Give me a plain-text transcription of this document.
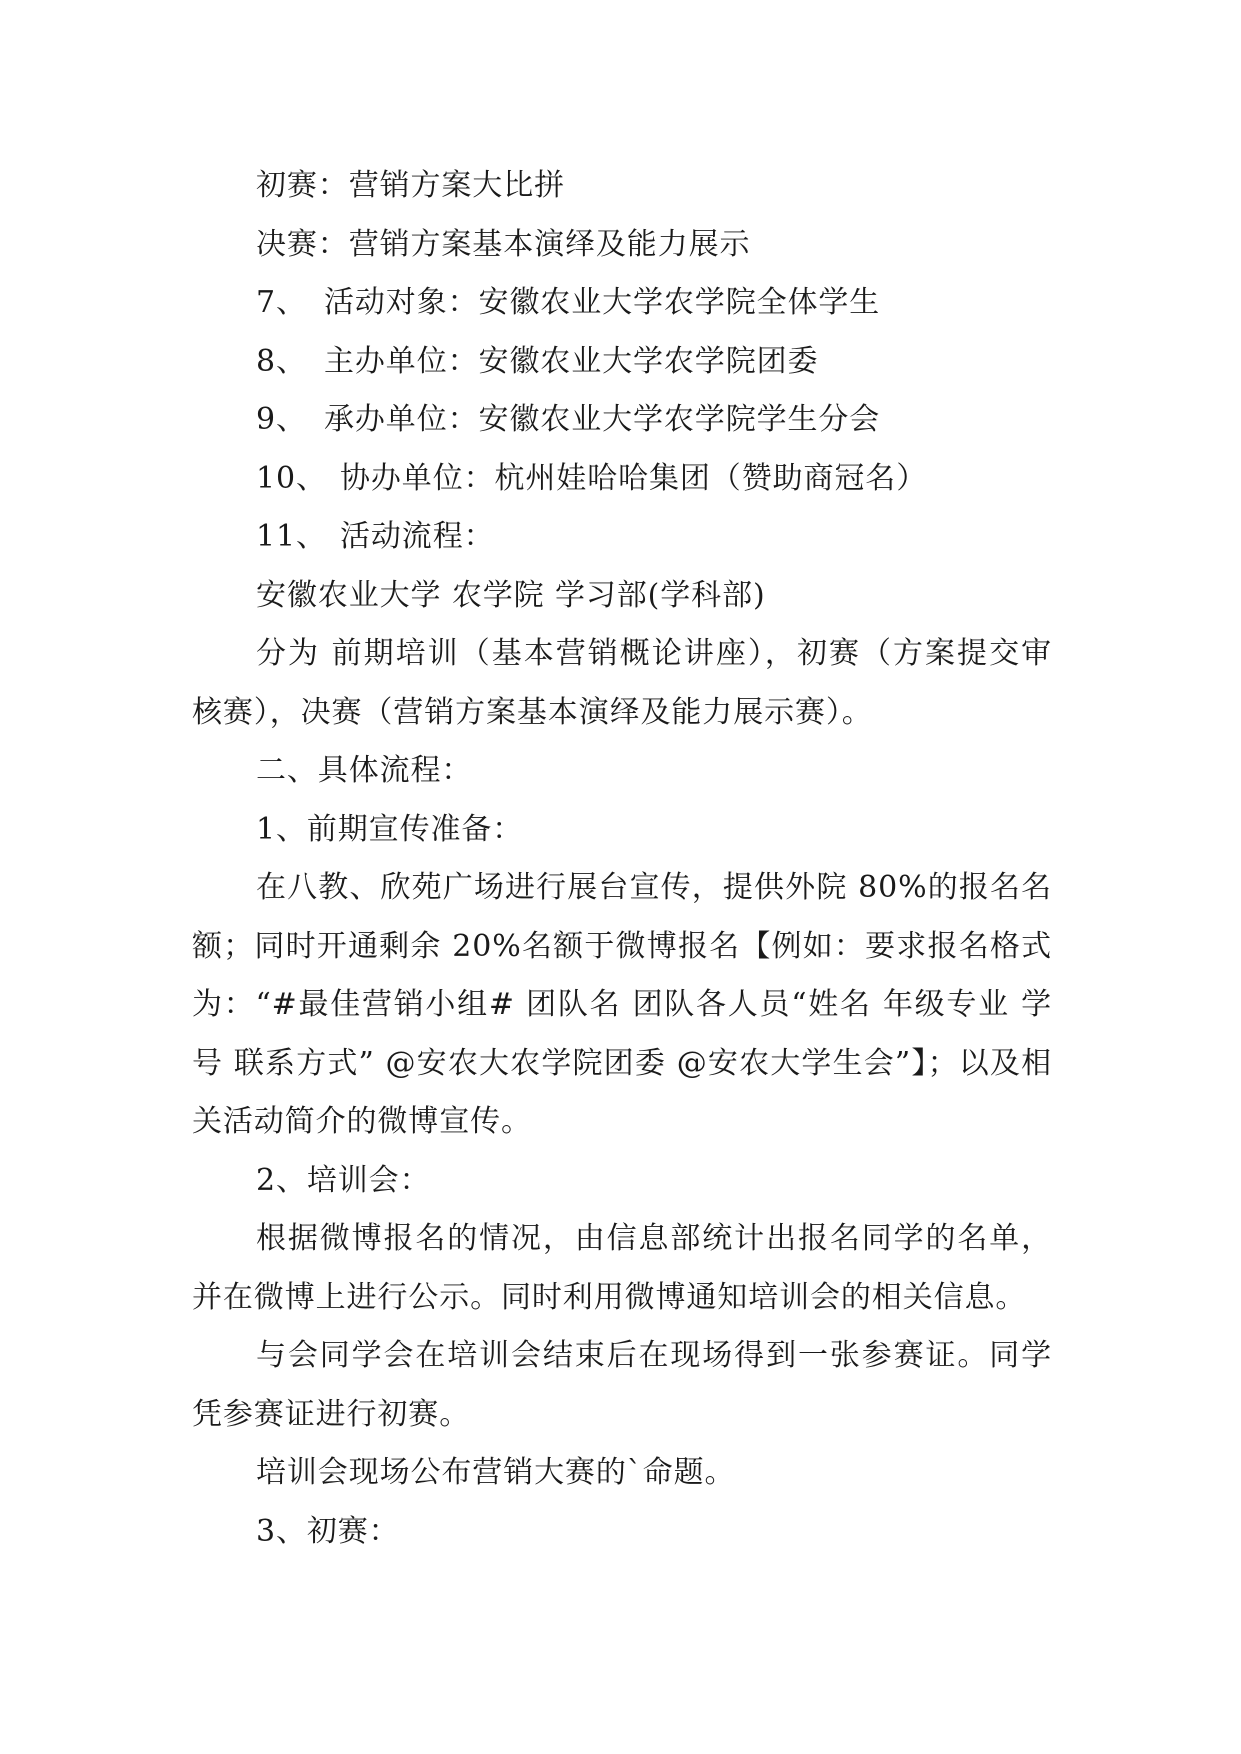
初赛：营销方案大比拼

决赛：营销方案基本演绎及能力展示

7、 活动对象：安徽农业大学农学院全体学生

8、 主办单位：安徽农业大学农学院团委

9、 承办单位：安徽农业大学农学院学生分会

10、 协办单位：杭州娃哈哈集团（赞助商冠名）

11、 活动流程：

安徽农业大学 农学院 学习部(学科部)

分为 前期培训（基本营销概论讲座），初赛（方案提交审核赛），决赛（营销方案基本演绎及能力展示赛）。

二、具体流程：

1、前期宣传准备：

在八教、欣苑广场进行展台宣传，提供外院 80%的报名名额；同时开通剩余 20%名额于微博报名【例如：要求报名格式为：“#最佳营销小组# 团队名 团队各人员“姓名 年级专业 学号 联系方式” @安农大农学院团委 @安农大学生会”】；以及相关活动简介的微博宣传。

2、培训会：

根据微博报名的情况，由信息部统计出报名同学的名单，并在微博上进行公示。同时利用微博通知培训会的相关信息。

与会同学会在培训会结束后在现场得到一张参赛证。同学凭参赛证进行初赛。

培训会现场公布营销大赛的`命题。

3、初赛：
